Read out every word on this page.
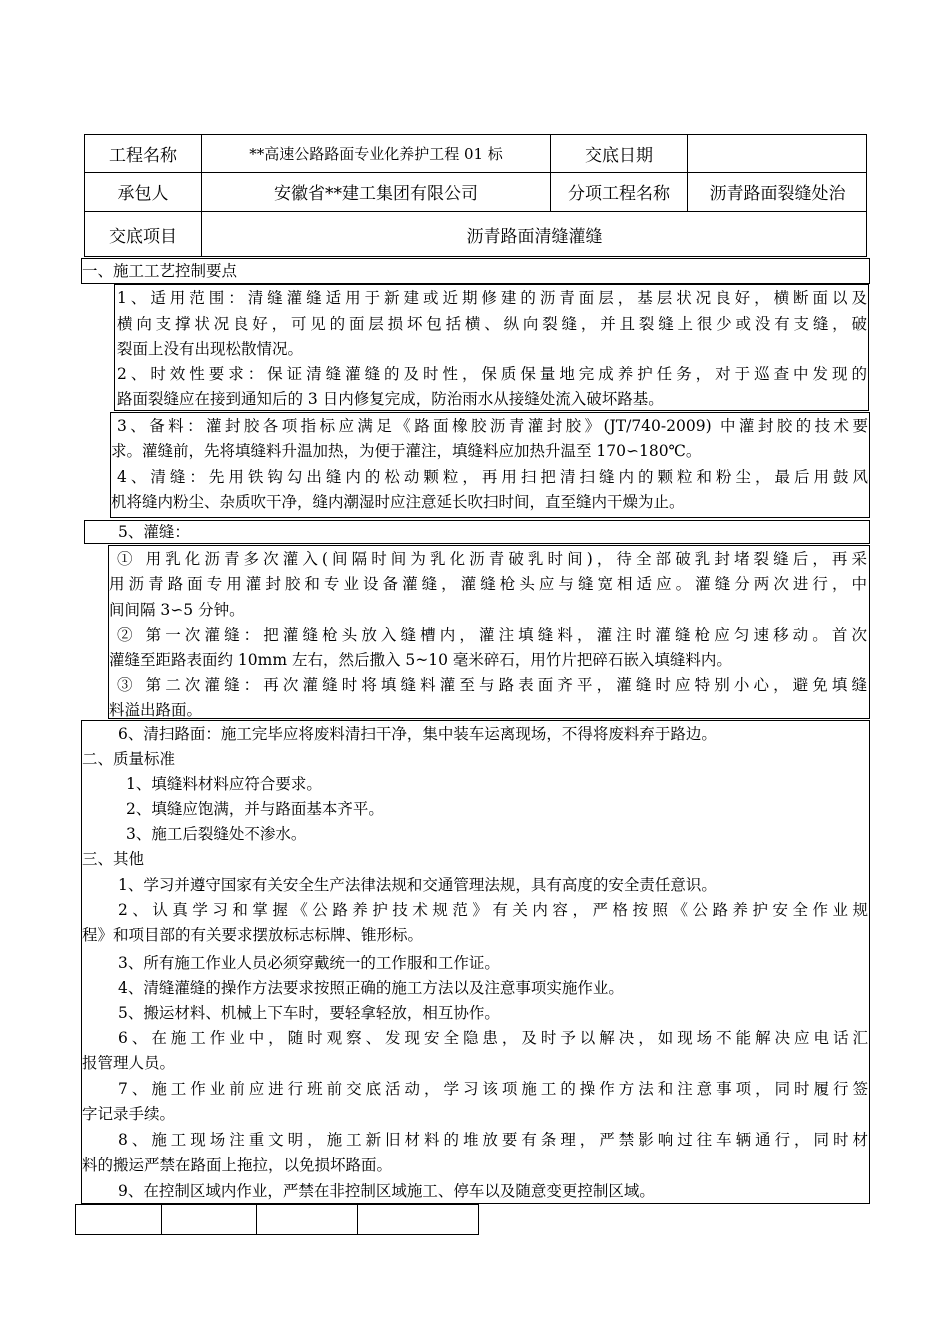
工程名称	**高速公路路面专业化养护工程 01 标	交底日期
承包人	安徽省**建工集团有限公司	分项工程名称	沥青路面裂缝处治
交底项目	沥青路面清缝灌缝
一、施工工艺控制要点
1、适用范围：清缝灌缝适用于新建或近期修建的沥青面层，基层状况良好，横断面以及
横向支撑状况良好，可见的面层损坏包括横、纵向裂缝，并且裂缝上很少或没有支缝，破
裂面上没有出现松散情况。
2、时效性要求：保证清缝灌缝的及时性，保质保量地完成养护任务，对于巡查中发现的
路面裂缝应在接到通知后的 3 日内修复完成，防治雨水从接缝处流入破坏路基。
3、备料：灌封胶各项指标应满足《路面橡胶沥青灌封胶》(JT/740-2009) 中灌封胶的技术要
求。灌缝前，先将填缝料升温加热，为便于灌注，填缝料应加热升温至 170∽180℃。
4、清缝：先用铁钩勾出缝内的松动颗粒，再用扫把清扫缝内的颗粒和粉尘，最后用鼓风
机将缝内粉尘、杂质吹干净，缝内潮湿时应注意延长吹扫时间，直至缝内干燥为止。
5、灌缝：
① 用乳化沥青多次灌入(间隔时间为乳化沥青破乳时间)，待全部破乳封堵裂缝后，再采
用沥青路面专用灌封胶和专业设备灌缝，灌缝枪头应与缝宽相适应。灌缝分两次进行，中
间间隔 3∽5 分钟。
② 第一次灌缝：把灌缝枪头放入缝槽内，灌注填缝料，灌注时灌缝枪应匀速移动。首次
灌缝至距路表面约 10mm 左右，然后撒入 5~10 毫米碎石，用竹片把碎石嵌入填缝料内。
③ 第二次灌缝：再次灌缝时将填缝料灌至与路表面齐平，灌缝时应特别小心，避免填缝
料溢出路面。
6、清扫路面：施工完毕应将废料清扫干净，集中装车运离现场，不得将废料弃于路边。
二、质量标准
1、填缝料材料应符合要求。
2、填缝应饱满，并与路面基本齐平。
3、施工后裂缝处不渗水。
三、其他
1、学习并遵守国家有关安全生产法律法规和交通管理法规，具有高度的安全责任意识。
2、认真学习和掌握《公路养护技术规范》有关内容，严格按照《公路养护安全作业规
程》和项目部的有关要求摆放标志标牌、锥形标。
3、所有施工作业人员必须穿戴统一的工作服和工作证。
4、清缝灌缝的操作方法要求按照正确的施工方法以及注意事项实施作业。
5、搬运材料、机械上下车时，要轻拿轻放，相互协作。
6、在施工作业中，随时观察、发现安全隐患，及时予以解决，如现场不能解决应电话汇
报管理人员。
7、施工作业前应进行班前交底活动，学习该项施工的操作方法和注意事项，同时履行签
字记录手续。
8、施工现场注重文明，施工新旧材料的堆放要有条理，严禁影响过往车辆通行，同时材
料的搬运严禁在路面上拖拉，以免损坏路面。
9、在控制区域内作业，严禁在非控制区域施工、停车以及随意变更控制区域。
